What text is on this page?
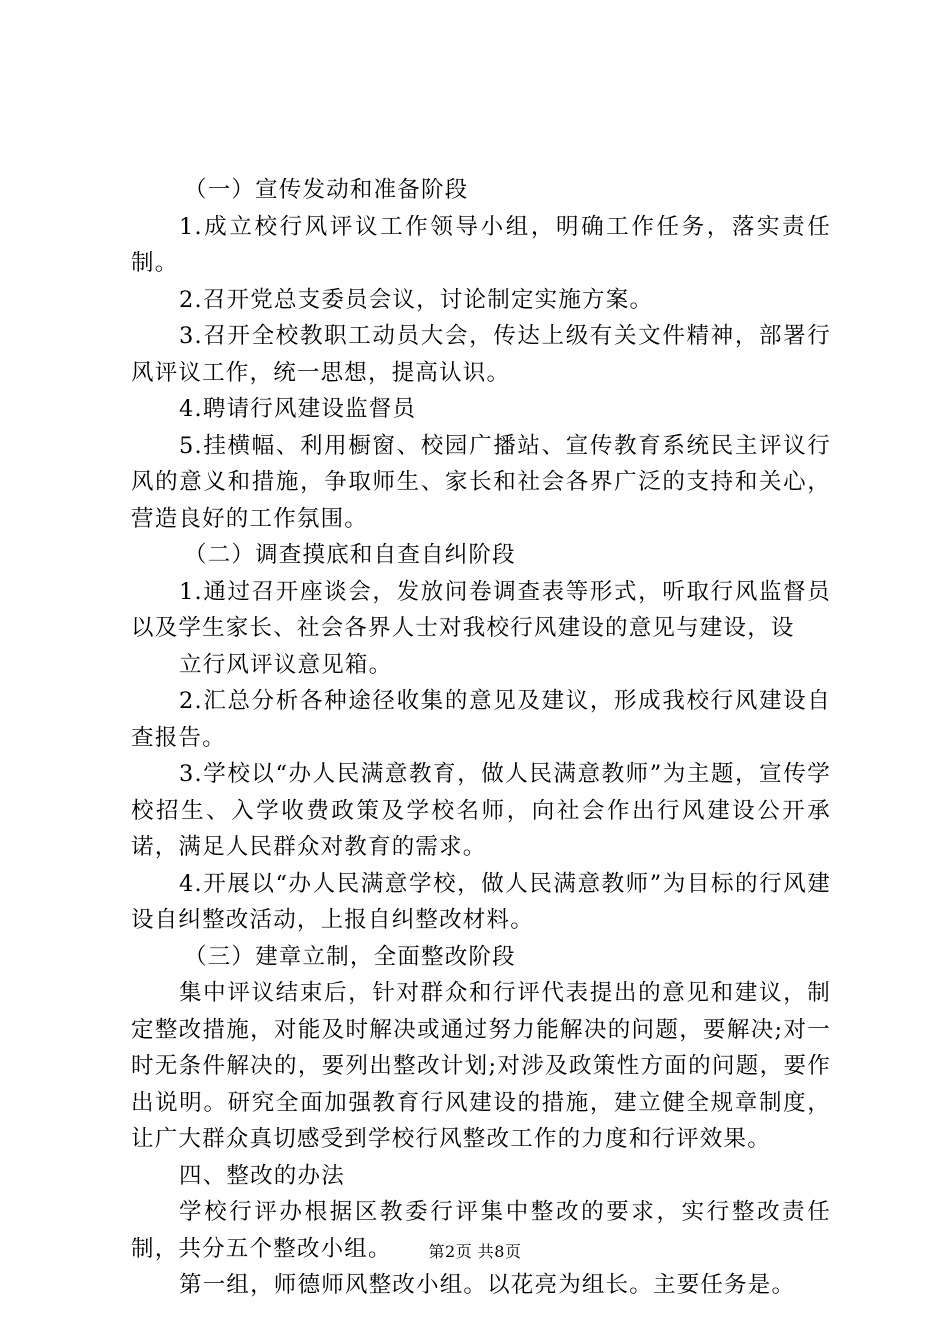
（一）宣传发动和准备阶段

1.成立校行风评议工作领导小组，明确工作任务，落实责任制。

2.召开党总支委员会议，讨论制定实施方案。

3.召开全校教职工动员大会，传达上级有关文件精神，部署行风评议工作，统一思想，提高认识。

4.聘请行风建设监督员

5.挂横幅、利用橱窗、校园广播站、宣传教育系统民主评议行风的意义和措施，争取师生、家长和社会各界广泛的支持和关心，营造良好的工作氛围。

（二）调查摸底和自查自纠阶段

1.通过召开座谈会，发放问卷调查表等形式，听取行风监督员以及学生家长、社会各界人士对我校行风建设的意见与建设，设

立行风评议意见箱。

2.汇总分析各种途径收集的意见及建议，形成我校行风建设自查报告。

3.学校以“办人民满意教育，做人民满意教师”为主题，宣传学校招生、入学收费政策及学校名师，向社会作出行风建设公开承诺，满足人民群众对教育的需求。

4.开展以“办人民满意学校，做人民满意教师”为目标的行风建设自纠整改活动，上报自纠整改材料。

（三）建章立制，全面整改阶段

集中评议结束后，针对群众和行评代表提出的意见和建议，制定整改措施，对能及时解决或通过努力能解决的问题，要解决;对一时无条件解决的，要列出整改计划;对涉及政策性方面的问题，要作出说明。研究全面加强教育行风建设的措施，建立健全规章制度，让广大群众真切感受到学校行风整改工作的力度和行评效果。

四、整改的办法

学校行评办根据区教委行评集中整改的要求，实行整改责任制，共分五个整改小组。

第一组，师德师风整改小组。以花亮为组长。主要任务是。

第2页 共8页
